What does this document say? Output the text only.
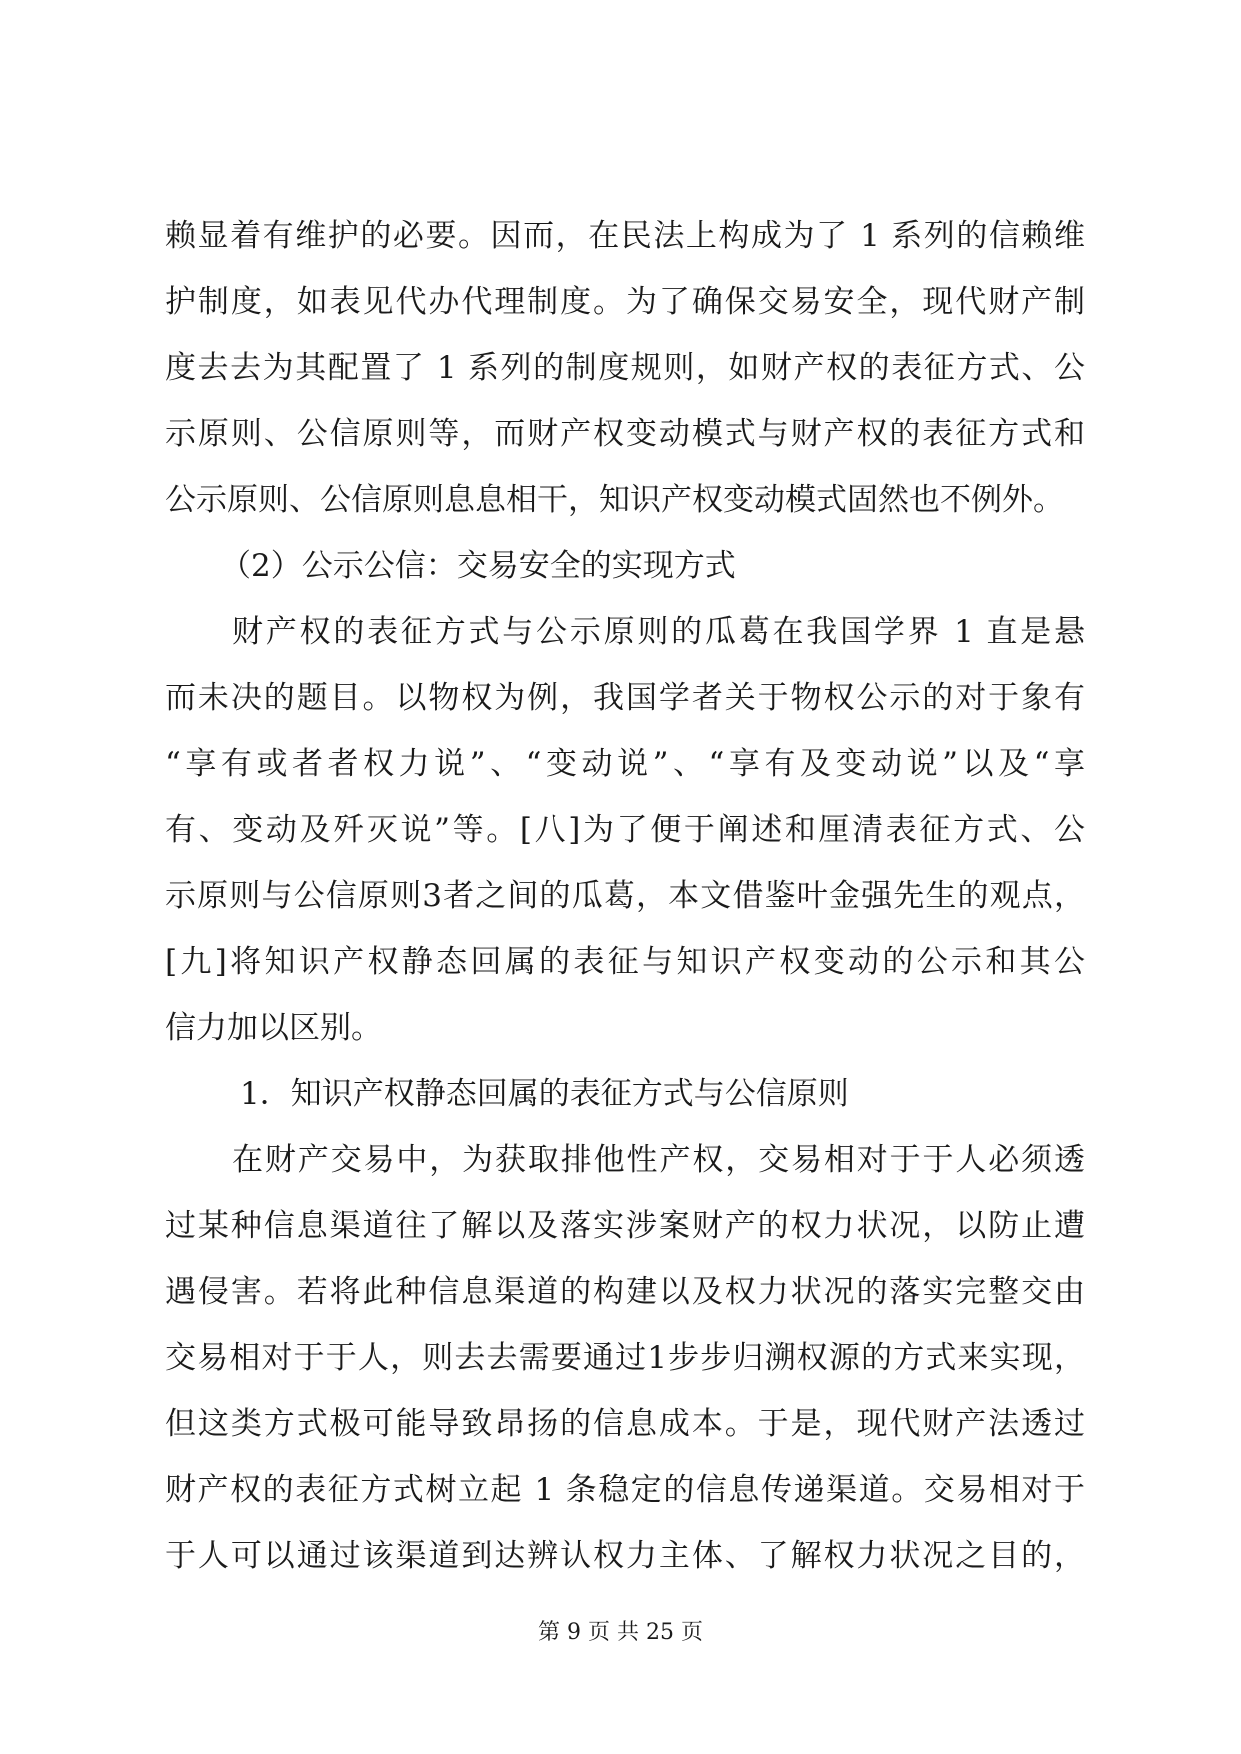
赖显着有维护的必要。因而，在民法上构成为了 1 系列的信赖维
护制度，如表见代办代理制度。为了确保交易安全，现代财产制
度去去为其配置了 1 系列的制度规则，如财产权的表征方式、公
示原则、公信原则等，而财产权变动模式与财产权的表征方式和
公示原则、公信原则息息相干，知识产权变动模式固然也不例外。
（2）公示公信：交易安全的实现方式
财产权的表征方式与公示原则的瓜葛在我国学界 1 直是悬
而未决的题目。以物权为例，我国学者关于物权公示的对于象有
“享有或者者权力说”、“变动说”、“享有及变动说”以及“享
有、变动及歼灭说”等。[八]为了便于阐述和厘清表征方式、公
示原则与公信原则3者之间的瓜葛，本文借鉴叶金强先生的观点，
[九]将知识产权静态回属的表征与知识产权变动的公示和其公
信力加以区别。
1．知识产权静态回属的表征方式与公信原则
在财产交易中，为获取排他性产权，交易相对于于人必须透
过某种信息渠道往了解以及落实涉案财产的权力状况，以防止遭
遇侵害。若将此种信息渠道的构建以及权力状况的落实完整交由
交易相对于于人，则去去需要通过1步步归溯权源的方式来实现，
但这类方式极可能导致昂扬的信息成本。于是，现代财产法透过
财产权的表征方式树立起 1 条稳定的信息传递渠道。交易相对于
于人可以通过该渠道到达辨认权力主体、了解权力状况之目的，
第 9 页 共 25 页
